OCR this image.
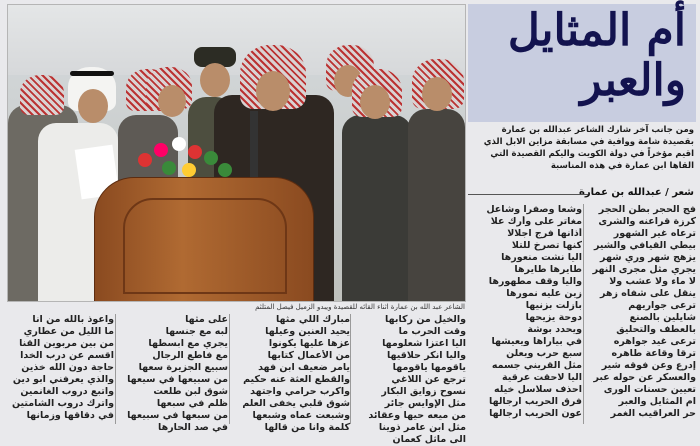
الشاعر عبد الله بن عمارة اثناء القائه للقصيدة ويبدو الزميل فيصل المتلثم
أم المثايل
والعبر
ومن جانب آخر شارك الشاعر عبدالله بن عمارة بقصيدة شامة ووافية في مسابقة مزاين الابل الذي اقيم مؤخراً في دولة الكويت واليكم القصيدة التي القاها ابن عمارة في هذه المناسبة
شعر / عبدالله بن عمارة
فج الحجر بطن الحجر
كرزة قراعنه والشرى
ترعاه غير الشهور
بيطي القيافي والشير
يزهج شهر وري شهر
يجري مثل مجرى النهر
لا ماء ولا عشب ولا
ينقل على شفاه زهر
ترعى جواريهم
شايلين بالصنع
بالعطف والتحليق
ترعى غيد جواهره
ترقا وقاعة طاهره
إدرع وعن فوقه شير
والعسكر عن حوله عبر
تعيين حسنات الورى
ام المثايل والعبر
حر العراقيب الغمر
وشعا وصفرا وشاعل
مغاتر على وأرك علا
أذانها فرج اجلالا
كنها تصرخ للتلا
اليا نشت منعورها
طايرها طايرها
واليا وقف مطهورها
زين عليه نمورها
بازلت بزنيها
دوحة يزيحها
ويحدد بوشة
في بياراها ويعيشها
سبع حرب ويعلن
مثل القريني جسمه
اليا لاحقت عرقية
احذف سلاسل خيله
فرق الحريب ارجالها
عون الحريب ارجالها
والخيل من ركابها
وقت الحرب ما
اليا اعتزا شعلومها
واليا انكر حلاقيها
ياقومها ياقومها
ترجع عن اللاغي
نسوح زوايق البكار
مثل الإوايس جائر
من ميعه حيها وعقائد
مثل ابن عامر ذوينا
الى ماثل كعمان
مبارك اللي مثها
يحيد العنين وعيلها
عزها عليها يكونوا
من الأعمال كتابها
يامر ضعيف ابن فهد
والقطع العثة عنه حكيم
واكرب حرامي واجتهد
شوق قلبي يخفى العلم
وشبعت عماه وشبعها
كلمة وانا من قالها
على مثها
لبه مع جنسها
يجري مع ابسطها
مع فاطع الرجال
سبيع الجزيرة سعها
من سبيعها في سيعها
شوق لبن طلعت
ظلم في سبعها
من سبعها في سبيعها
في صد الحارها
واعوذ بالله من انا
ما الليل من عطاري
من بين مربوين القنا
اقسم عن درب الخدا
حاجة دون الله خذين
والذي يعرفني ابو دين
واتبع دروب الغانمين
واترك دروب الشامتين
في دقاقها وزمانها
